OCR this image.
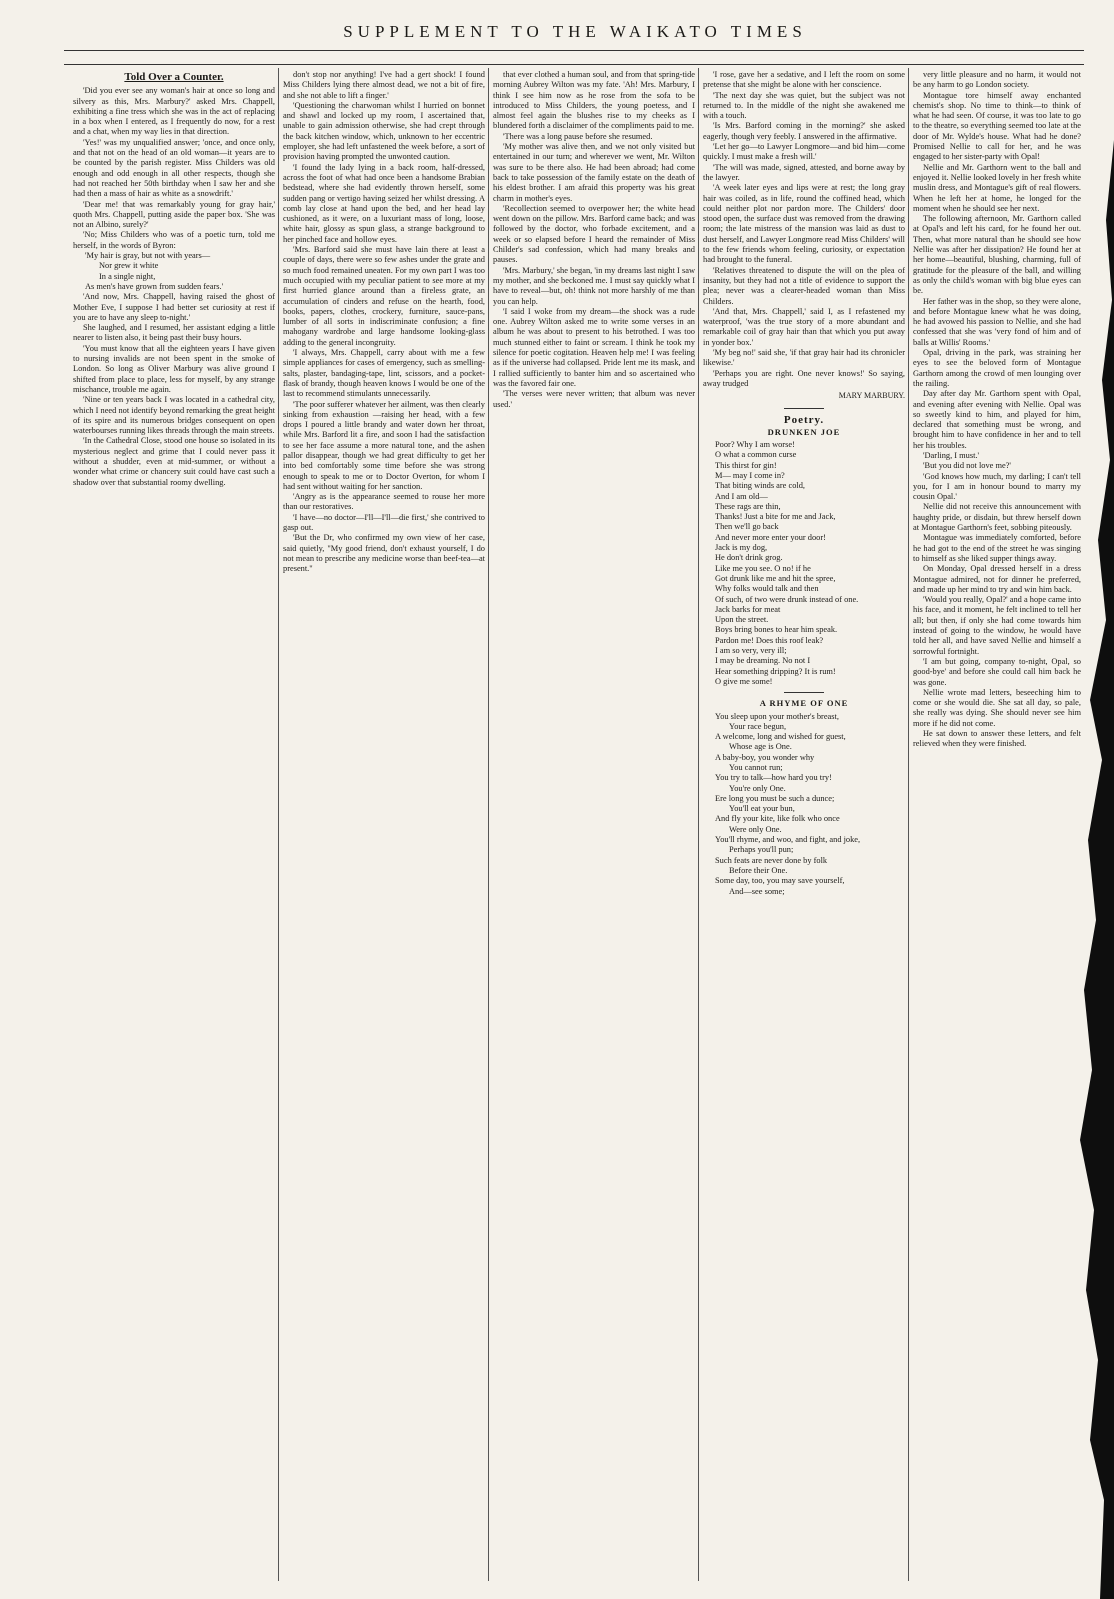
SUPPLEMENT TO THE WAIKATO TIMES
Told Over a Counter.

'Did you ever see any woman's hair at once so long and silvery as this, Mrs. Marbury?' asked Mrs. Chappell, exhibiting a fine tress which she was in the act of replacing in a box when I entered, as I frequently do now, for a rest and a chat, when my way lies in that direction.

'Yes!' was my unqualified answer; 'once, and once only, and that not on the head of an old woman—it years are to be counted by the parish register. Miss Childers was old enough and odd enough in all other respects, though she had not reached her 50th birthday when I saw her and she had then a mass of hair as white as a snowdrift.'

'Dear me! that was remarkably young for gray hair,' quoth Mrs. Chappell, putting aside the paper box. 'She was not an Albino, surely?'

'No; Miss Childers who was of a poetic turn, told me herself, in the words of Byron:

'My hair is gray, but not with years—

Nor grew it white

In a single night,

As men's have grown from sudden fears.'

'And now, Mrs. Chappell, having raised the ghost of Mother Eve, I suppose I had better set curiosity at rest if you are to have any sleep to-night.'

She laughed, and I resumed, her assistant edging a little nearer to listen also, it being past their busy hours.

'You must know that all the eighteen years I have given to nursing invalids are not been spent in the smoke of London. So long as Oliver Marbury was alive ground I shifted from place to place, less for myself, by any strange mischance, trouble me again.

'Nine or ten years back I was located in a cathedral city, which I need not identify beyond remarking the great height of its spire and its numerous bridges consequent on open waterbourses running likes threads through the main streets.

'In the Cathedral Close, stood one house so isolated in its mysterious neglect and grime that I could never pass it without a shudder, even at mid-summer, or without a wonder what crime or chancery suit could have cast such a shadow over that substantial roomy dwelling.

don't stop nor anything! I've had a gert shock! I found Miss Childers lying there almost dead, we not a bit of fire, and she not able to lift a finger.'

'Questioning the charwoman whilst I hurried on bonnet and shawl and locked up my room, I ascertained that, unable to gain admission otherwise, she had crept through the back kitchen window, which, unknown to her eccentric employer, she had left unfastened the week before, a sort of provision having prompted the unwonted caution.

'I found the lady lying in a back room, half-dressed, across the foot of what had once been a handsome Brabian bedstead, where she had evidently thrown herself, some sudden pang or vertigo having seized her whilst dressing. A comb lay close at hand upon the bed, and her head lay cushioned, as it were, on a luxuriant mass of long, loose, white hair, glossy as spun glass, a strange background to her pinched face and hollow eyes.

'Mrs. Barford said she must have lain there at least a couple of days, there were so few ashes under the grate and so much food remained uneaten. For my own part I was too much occupied with my peculiar patient to see more at my first hurried glance around than a fireless grate, an accumulation of cinders and refuse on the hearth, food, books, papers, clothes, crockery, furniture, sauce-pans, lumber of all sorts in indiscriminate confusion; a fine mahogany wardrobe and large handsome looking-glass adding to the general incongruity.

'I always, Mrs. Chappell, carry about with me a few simple appliances for cases of emergency, such as smelling-salts, plaster, bandaging-tape, lint, scissors, and a pocket-flask of brandy, though heaven knows I would be one of the last to recommend stimulants unnecessarily.

'The poor sufferer whatever her ailment, was then clearly sinking from exhaustion —raising her head, with a few drops I poured a little brandy and water down her throat, while Mrs. Barford lit a fire, and soon I had the satisfaction to see her face assume a more natural tone, and the ashen pallor disappear, though we had great difficulty to get her into bed comfortably some time before she was strong enough to speak to me or to Doctor Overton, for whom I had sent without waiting for her sanction.

'Angry as is the appearance seemed to rouse her more than our restoratives.

'I have—no doctor—I'll—I'll—die first,' she contrived to gasp out.

'But the Dr, who confirmed my own view of her case, said quietly, "My good friend, don't exhaust yourself, I do not mean to prescribe any medicine worse than beef-tea—at present."

that ever clothed a human soul, and from that spring-tide morning Aubrey Wilton was my fate. 'Ah! Mrs. Marbury, I think I see him now as he rose from the sofa to be introduced to Miss Childers, the young poetess, and I almost feel again the blushes rise to my cheeks as I blundered forth a disclaimer of the compliments paid to me.

'There was a long pause before she resumed.

'My mother was alive then, and we not only visited but entertained in our turn; and wherever we went, Mr. Wilton was sure to be there also. He had been abroad; had come back to take possession of the family estate on the death of his eldest brother. I am afraid this property was his great charm in mother's eyes.

'Recollection seemed to overpower her; the white head went down on the pillow. Mrs. Barford came back; and was followed by the doctor, who forbade excitement, and a week or so elapsed before I heard the remainder of Miss Childer's sad confession, which had many breaks and pauses.

'Mrs. Marbury,' she began, 'in my dreams last night I saw my mother, and she beckoned me. I must say quickly what I have to reveal—but, oh! think not more harshly of me than you can help.

'I said I woke from my dream—the shock was a rude one. Aubrey Wilton asked me to write some verses in an album he was about to present to his betrothed. I was too much stunned either to faint or scream. I think he took my silence for poetic cogitation. Heaven help me! I was feeling as if the universe had collapsed. Pride lent me its mask, and I rallied sufficiently to banter him and so ascertained who was the favored fair one.

'The verses were never written; that album was never used.'

'I rose, gave her a sedative, and I left the room on some pretense that she might be alone with her conscience.

'The next day she was quiet, but the subject was not returned to. In the middle of the night she awakened me with a touch.

'Is Mrs. Barford coming in the morning?' she asked eagerly, though very feebly. I answered in the affirmative.

'Let her go—to Lawyer Longmore—and bid him—come quickly. I must make a fresh will.'

'The will was made, signed, attested, and borne away by the lawyer.

'A week later eyes and lips were at rest; the long gray hair was coiled, as in life, round the coffined head, which could neither plot nor pardon more. The Childers' door stood open, the surface dust was removed from the drawing room; the late mistress of the mansion was laid as dust to dust herself, and Lawyer Longmore read Miss Childers' will to the few friends whom feeling, curiosity, or expectation had brought to the funeral.

'Relatives threatened to dispute the will on the plea of insanity, but they had not a title of evidence to support the plea; never was a clearer-headed woman than Miss Childers.

'And that, Mrs. Chappell,' said I, as I refastened my waterproof, 'was the true story of a more abundant and remarkable coil of gray hair than that which you put away in yonder box.'

'My beg no!' said she, 'if that gray hair had its chronicler likewise.'

'Perhaps you are right. One never knows!' So saying, away trudged

MARY MARBURY.
Poetry.
DRUNKEN JOE

Poor? Why I am worse!

O what a common curse

This thirst for gin!

M— may I come in?

That biting winds are cold,

And I am old—

These rags are thin,

Thanks! Just a bite for me and Jack,

Then we'll go back

And never more enter your door!

Jack is my dog,

He don't drink grog.

Like me you see. O no! if he

Got drunk like me and hit the spree,

Why folks would talk and then

Of such, of two were drunk instead of one.

Jack barks for meat

Upon the street.

Boys bring bones to hear him speak.

Pardon me! Does this roof leak?

I am so very, very ill;

I may be dreaming. No not I

Hear something dripping? It is rum!

O give me some!

A RHYME OF ONE

You sleep upon your mother's breast,

Your race begun,

A welcome, long and wished for guest,

Whose age is One.

A baby-boy, you wonder why

You cannot run;

You try to talk—how hard you try!

You're only One.

Ere long you must be such a dunce;

You'll eat your bun,

And fly your kite, like folk who once

Were only One.

You'll rhyme, and woo, and fight, and joke,

Perhaps you'll pun;

Such feats are never done by folk

Before their One.

Some day, too, you may save yourself,

And—see some;

very little pleasure and no harm, it would not be any harm to go London society.

Montague tore himself away enchanted chemist's shop. No time to think—to think of what he had seen. Of course, it was too late to go to the theatre, so everything seemed too late at the door of Mr. Wylde's house. What had he done? Promised Nellie to call for her, and he was engaged to her sister-party with Opal!

Nellie and Mr. Garthorn went to the ball and enjoyed it. Nellie looked lovely in her fresh white muslin dress, and Montague's gift of real flowers. When he left her at home, he longed for the moment when he should see her next.

The following afternoon, Mr. Garthorn called at Opal's and left his card, for he found her out. Then, what more natural than he should see how Nellie was after her dissipation? He found her at her home—beautiful, blushing, charming, full of gratitude for the pleasure of the ball, and willing as only the child's woman with big blue eyes can be.

Her father was in the shop, so they were alone, and before Montague knew what he was doing, he had avowed his passion to Nellie, and she had confessed that she was 'very fond of him and of balls at Willis' Rooms.'

Opal, driving in the park, was straining her eyes to see the beloved form of Montague Garthorn among the crowd of men lounging over the railing.

Day after day Mr. Garthorn spent with Opal, and evening after evening with Nellie. Opal was so sweetly kind to him, and played for him, declared that something must be wrong, and brought him to have confidence in her and to tell her his troubles.

'Darling, I must.'

'But you did not love me?'

'God knows how much, my darling; I can't tell you, for I am in honour bound to marry my cousin Opal.'

Nellie did not receive this announcement with haughty pride, or disdain, but threw herself down at Montague Garthorn's feet, sobbing piteously.

Montague was immediately comforted, before he had got to the end of the street he was singing to himself as she liked supper things away.

On Monday, Opal dressed herself in a dress Montague admired, not for dinner he preferred, and made up her mind to try and win him back.

'Would you really, Opal?' and a hope came into his face, and it moment, he felt inclined to tell her all; but then, if only she had come towards him instead of going to the window, he would have told her all, and have saved Nellie and himself a sorrowful fortnight.

'I am but going, company to-night, Opal, so good-bye' and before she could call him back he was gone.

Nellie wrote mad letters, beseeching him to come or she would die. She sat all day, so pale, she really was dying. She should never see him more if he did not come.

He sat down to answer these letters, and felt relieved when they were finished.
